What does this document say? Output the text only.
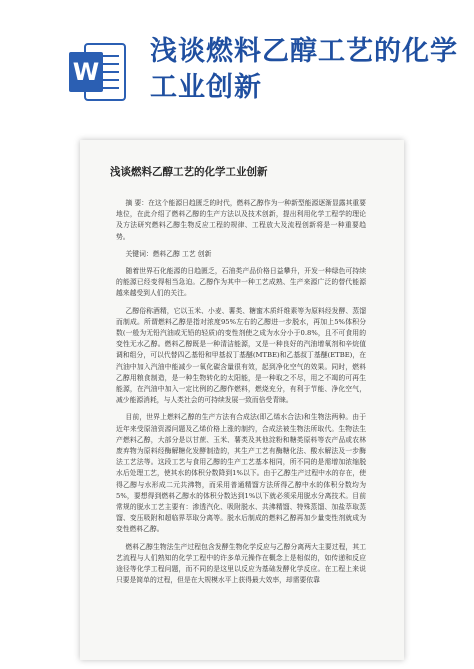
W
浅谈燃料乙醇工艺的化学工业创新
浅谈燃料乙醇工艺的化学工业创新

摘 要：在这个能源日趋匮乏的时代，燃料乙醇作为一种新型能源逐渐显露其重要地位，在此介绍了燃料乙醇的生产方法以及技术创新，提出利用化学工程学的理论及方法研究燃料乙醇生物反应工程的规律、工程放大及流程创新将是一种重要趋势。

关键词：燃料乙醇 工艺 创新

随着世界石化能源的日趋匮乏，石油类产品价格日益攀升，开发一种绿色可持续的能源已经变得相当急迫。乙醇作为其中一种工艺成熟、生产来源广泛的替代能源越来越受到人们的关注。

乙醇俗称酒精，它以玉米、小麦、薯类、糖蜜木质纤维素等为原料经发酵、蒸馏而制成。所谓燃料乙醇是指对浓度95%左右的乙醇进一步脱水，再加上5%体积分数(一般为无铅汽油或无铅的轻质)的变性剂使之成为水分小于0.8%，且不可食用的变性无水乙醇。燃料乙醇既是一种清洁能源，又是一种良好的汽油增氧剂和辛烷值调和组分，可以代替四乙基铅和甲基叔丁基醚(MTBE)和乙基叔丁基醚(ETBE)，在汽油中加入汽油中能减少一氧化碳含量很有效，起到净化空气的效果。同时，燃料乙醇用粮食制造，是一种生物转化的太阳能，是一种取之不尽，用之不竭的可再生能源，在汽油中加入一定比例的乙醇作燃料，燃烧充分，有利于节能、净化空气，减少能源消耗，与人类社会的可持续发展一致而倍受青睐。

目前，世界上燃料乙醇的生产方法有合成法(即乙烯水合法)和生物法两种。由于近年来受原油资源问题及乙烯价格上涨的制约，合成法被生物法所取代。生物法生产燃料乙醇，大部分是以甘蔗、玉米、薯类及其他淀粉和糖类原料等农产品或农林废弃物为原料经酶解糖化发酵制造的，其生产工艺有酶糖化法、酸水解法及一步酶法工艺法等。这段工艺与食用乙醇的生产工艺基本相同，所不同的是需增加浓缩脱水后处理工艺，使其水的体积分数降到1%以下。由于乙醇生产过程中水的存在，使得乙醇与水形成二元共沸物，而采用普通精馏方法所得乙醇中水的体积分数均为5%，要想得到燃料乙醇水的体积分数达到1%以下就必须采用脱水分离技术。目前常规的脱水工艺主要有：渗透汽化、吸附脱水、共沸精馏、特殊蒸馏、加盐萃取蒸馏、变压吸附和超临界萃取分离等。脱水后制成的燃料乙醇再加少量变性剂就成为变性燃料乙醇。

燃料乙醇生物法生产过程包含发酵生物化学反应与乙醇分离两大主要过程，其工艺流程与人们熟知的化学工程中的许多单元操作在概念上是相似的，如传递和反应途径等化学工程问题，而不同的是这里以反应为基础发酵化学反应。在工程上来说只要是简单的过程，但是在大规模水平上获得最大效率，却需要依靠
